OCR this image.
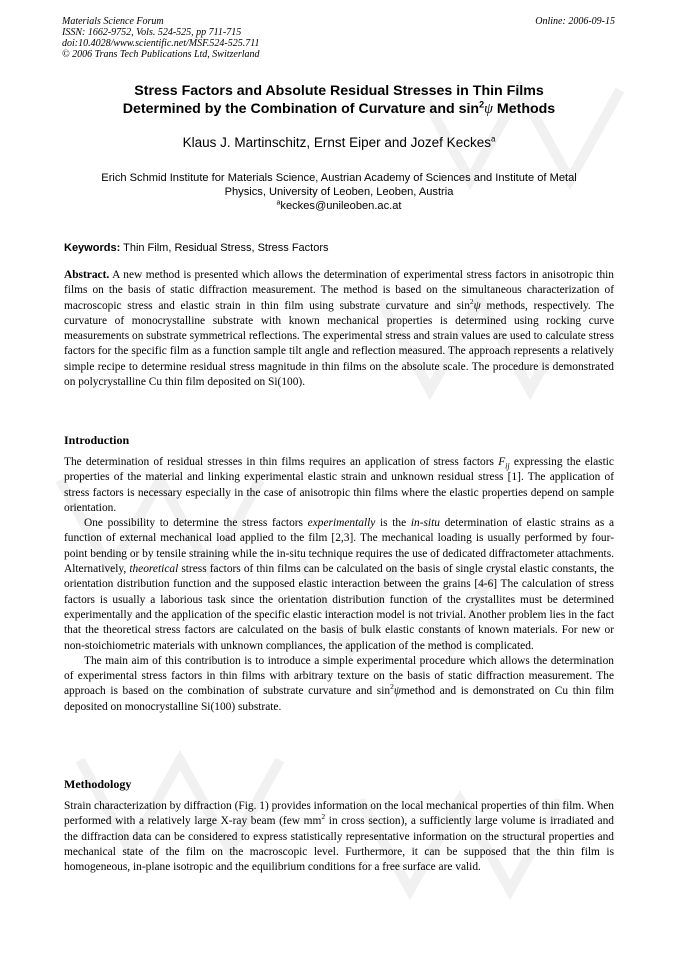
Materials Science Forum
ISSN: 1662-9752, Vols. 524-525, pp 711-715
doi:10.4028/www.scientific.net/MSF.524-525.711
© 2006 Trans Tech Publications Ltd, Switzerland
Online: 2006-09-15
Stress Factors and Absolute Residual Stresses in Thin Films
Determined by the Combination of Curvature and $\sin^2\psi$ Methods
Klaus J. Martinschitz, Ernst Eiper and Jozef Keckes$^a$
Erich Schmid Institute for Materials Science, Austrian Academy of Sciences and Institute of Metal
Physics, University of Leoben, Leoben, Austria
$^a$keckes@unileoben.ac.at
Keywords: Thin Film, Residual Stress, Stress Factors

Abstract. A new method is presented which allows the determination of experimental stress factors in anisotropic thin films on the basis of static diffraction measurement. The method is based on the simultaneous characterization of macroscopic stress and elastic strain in thin film using substrate curvature and $\sin^2\psi$ methods, respectively. The curvature of monocrystalline substrate with known mechanical properties is determined using rocking curve measurements on substrate symmetrical reflections. The experimental stress and strain values are used to calculate stress factors for the specific film as a function sample tilt angle and reflection measured. The approach represents a relatively simple recipe to determine residual stress magnitude in thin films on the absolute scale. The procedure is demonstrated on polycrystalline Cu thin film deposited on Si(100).

Introduction

The determination of residual stresses in thin films requires an application of stress factors $F_{ij}$ expressing the elastic properties of the material and linking experimental elastic strain and unknown residual stress [1]. The application of stress factors is necessary especially in the case of anisotropic thin films where the elastic properties depend on sample orientation.

One possibility to determine the stress factors experimentally is the in-situ determination of elastic strains as a function of external mechanical load applied to the film [2,3]. The mechanical loading is usually performed by four-point bending or by tensile straining while the in-situ technique requires the use of dedicated diffractometer attachments. Alternatively, theoretical stress factors of thin films can be calculated on the basis of single crystal elastic constants, the orientation distribution function and the supposed elastic interaction between the grains [4-6] The calculation of stress factors is usually a laborious task since the orientation distribution function of the crystallites must be determined experimentally and the application of the specific elastic interaction model is not trivial. Another problem lies in the fact that the theoretical stress factors are calculated on the basis of bulk elastic constants of known materials. For new or non-stoichiometric materials with unknown compliances, the application of the method is complicated.

The main aim of this contribution is to introduce a simple experimental procedure which allows the determination of experimental stress factors in thin films with arbitrary texture on the basis of static diffraction measurement. The approach is based on the combination of substrate curvature and $\sin^2\psi method$ and is demonstrated on Cu thin film deposited on monocrystalline Si(100) substrate.

Methodology

Strain characterization by diffraction (Fig. 1) provides information on the local mechanical properties of thin film. When performed with a relatively large X-ray beam (few $mm^2$ in cross section), a sufficiently large volume is irradiated and the diffraction data can be considered to express statistically representative information on the structural properties and mechanical state of the film on the macroscopic level. Furthermore, it can be supposed that the thin film is homogeneous, in-plane isotropic and the equilibrium conditions for a free surface are valid.
